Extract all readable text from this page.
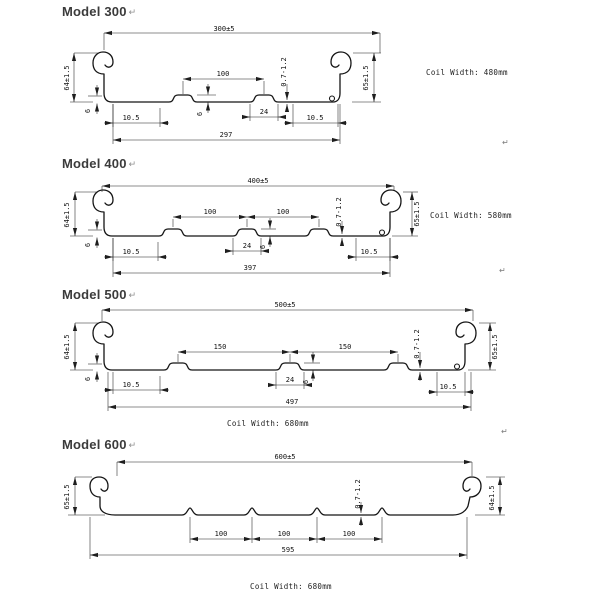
Model 300 ↵
Model 400 ↵
Model 500 ↵
Model 600 ↵
Coil Width: 480mm
Coil Width: 580mm
Coil Width: 680mm
Coil Width: 680mm
↵
↵
↵
300±5
64±1.5	65±1.5
0.7-1.2
100
6
6	24
10.5	10.5
297
400±5
64±1.5	65±1.5
0.7-1.2
100	100
6	6
24
10.5	10.5
397
500±5
64±1.5	65±1.5
0.7-1.2
150	150
6
6
24
10.5	10.5
497
600±5
65±1.5	64±1.5
0.7-1.2
100	100	100
595
